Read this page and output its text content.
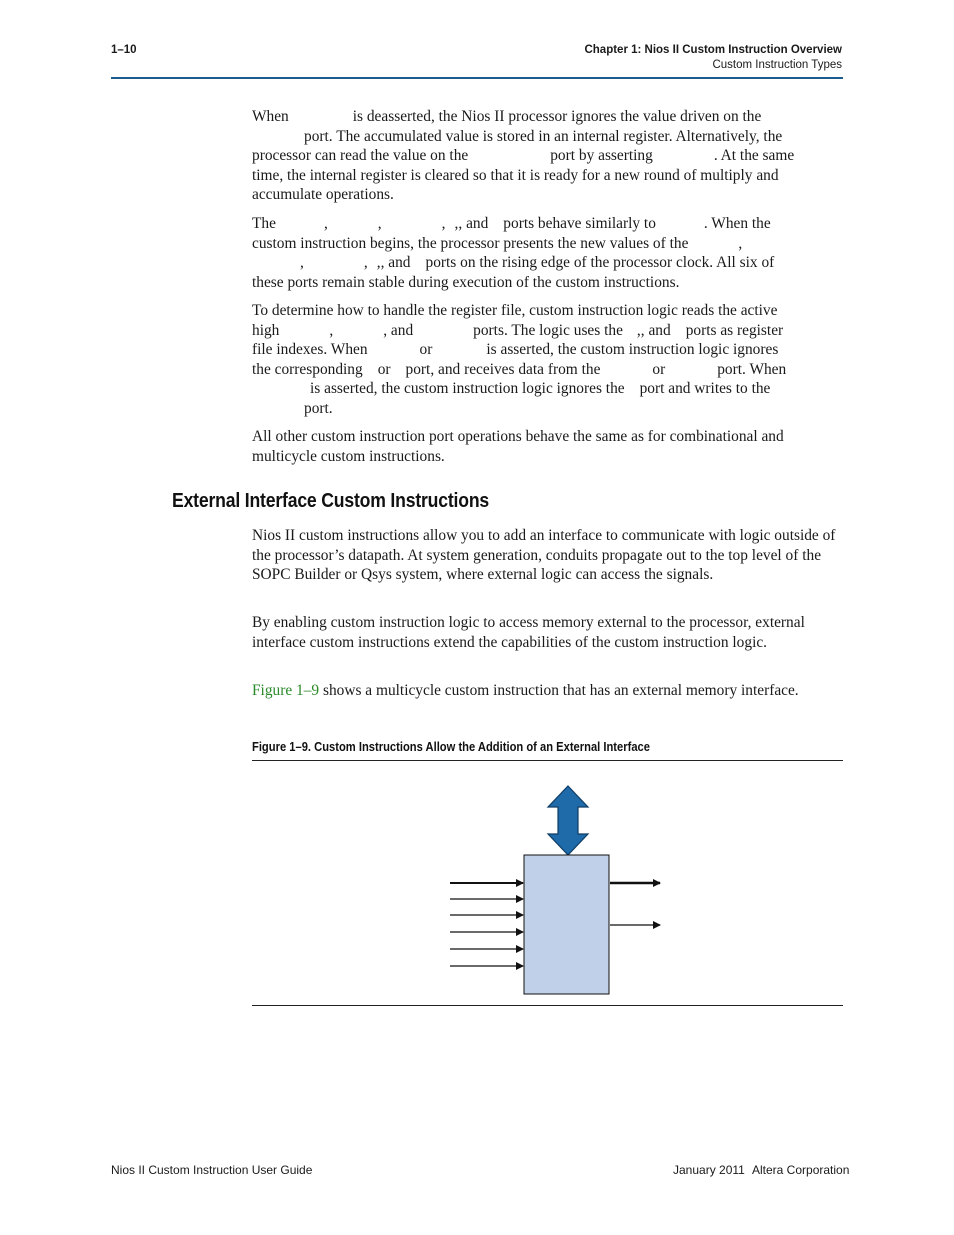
1–10	Chapter 1: Nios II Custom Instruction Overview
Custom Instruction Types

When	is deasserted, the Nios II processor ignores the value driven on the

port. The accumulated value is stored in an internal register. Alternatively, the

processor can read the value on the	port by asserting	. At the same

time, the internal register is cleared so that it is ready for a new round of multiply and

accumulate operations.

The	,	,	, ,, and ports behave similarly to	. When the

custom instruction begins, the processor presents the new values of the	,

,	, ,, and ports on the rising edge of the processor clock. All six of

these ports remain stable during execution of the custom instructions.

To determine how to handle the register file, custom instruction logic reads the active

high	,	, and	ports. The logic uses the ,, and ports as register

file indexes. When	or	is asserted, the custom instruction logic ignores

the corresponding or port, and receives data from the	or	port. When

is asserted, the custom instruction logic ignores the port and writes to the

port.

All other custom instruction port operations behave the same as for combinational and multicycle custom instructions.
External Interface Custom Instructions
Nios II custom instructions allow you to add an interface to communicate with logic outside of the processor’s datapath. At system generation, conduits propagate out to the top level of the SOPC Builder or Qsys system, where external logic can access the signals.
By enabling custom instruction logic to access memory external to the processor, external interface custom instructions extend the capabilities of the custom instruction logic.
Figure 1–9 shows a multicycle custom instruction that has an external memory interface.
Figure 1–9. Custom Instructions Allow the Addition of an External Interface
Nios II Custom Instruction User Guide	January 2011 Altera Corporation
